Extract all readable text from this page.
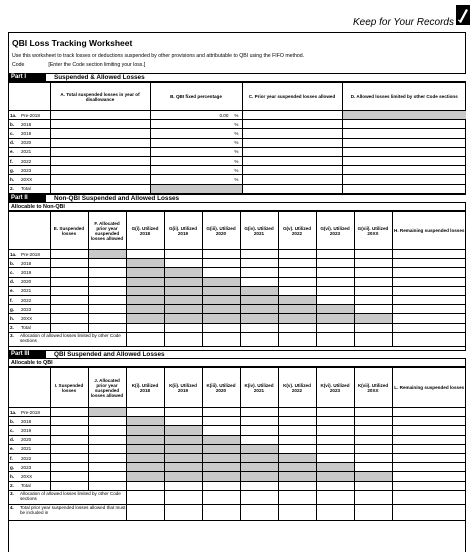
Keep for Your Records
QBI Loss Tracking Worksheet
Use this worksheet to track losses or deductions suspended by other provisions and attributable to QBI using the FIFO method.
Code	[Enter the Code section limiting your loss.]
Part I	Suspended & Allowed Losses
		A. Total suspended losses in year of disallowance	B. QBI fixed percentage	C. Prior year suspended losses allowed	D. Allowed losses limited by other Code sections
1a.	Pre-2018		0.00 %		
b.	2018		%		
c.	2019		%		
d.	2020		%		
e.	2021		%		
f.	2022		%		
g.	2023		%		
h.	20XX		%		
2.	Total				
Part II	Non-QBI Suspended and Allowed Losses
Allocable to Non-QBI
		E. Suspended losses	F. Allocated prior year suspended losses allowed	G(i). Utilized 2018	G(ii). Utilized 2019	G(iii). Utilized 2020	G(iv). Utilized 2021	G(v). Utilized 2022	G(vi). Utilized 2023	G(vii). Utilized 20XX	H. Remaining suspended losses
1a.	Pre-2018										
b.	2018										
c.	2019										
d.	2020										
e.	2021										
f.	2022										
g.	2023										
h.	20XX										
2.	Total										
3.	Allocation of allowed losses limited by other Code sections										
Part III	QBI Suspended and Allowed Losses
Allocable to QBI
		I. Suspended losses	J. Allocated prior year suspended losses allowed	K(i). Utilized 2018	K(ii). Utilized 2019	K(iii). Utilized 2020	K(iv). Utilized 2021	K(v). Utilized 2022	K(vi). Utilized 2023	K(vii). Utilized 20XX	L. Remaining suspended losses
1a.	Pre-2018										
b.	2018										
c.	2019										
d.	2020										
e.	2021										
f.	2022										
g.	2023										
h.	20XX										
2.	Total										
3.	Allocation of allowed losses limited by other Code sections										
4.	Total prior year suspended losses allowed that must be included in										
